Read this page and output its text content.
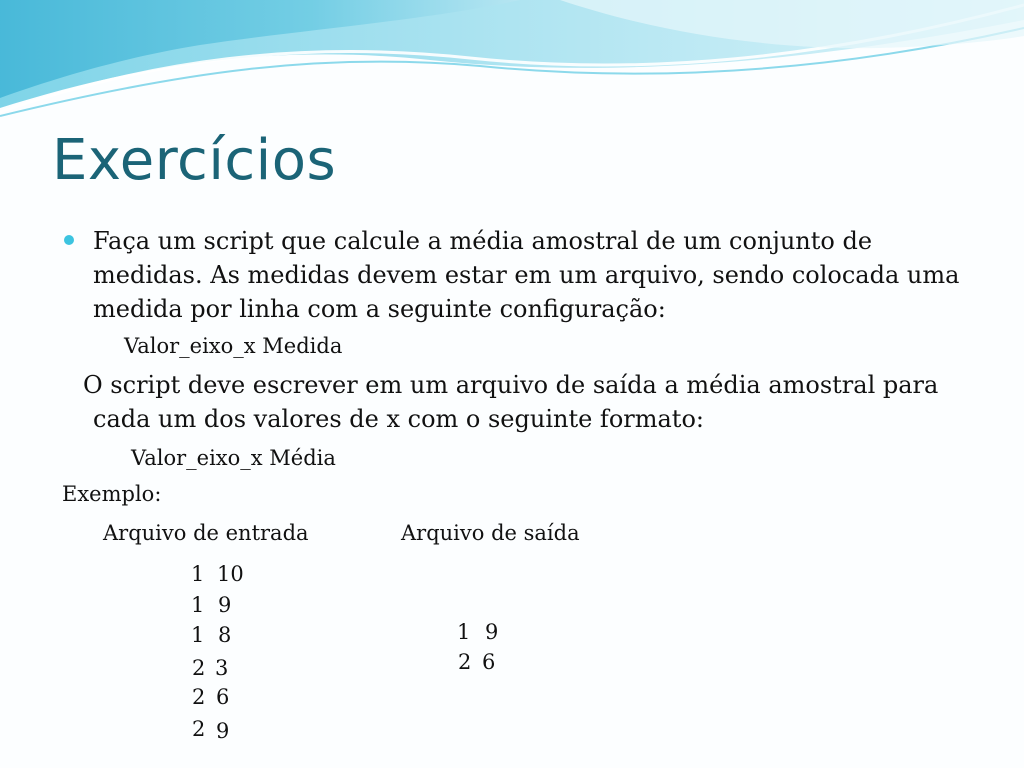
Exercícios

Faça um script que calcule a média amostral de um conjunto de
medidas. As medidas devem estar em um arquivo, sendo colocada uma
medida por linha com a seguinte configuração:

Valor_eixo_x Medida

O script deve escrever em um arquivo de saída a média amostral para
cada um dos valores de x com o seguinte formato:

Valor_eixo_x Média

Exemplo:

Arquivo de entrada	Arquivo de saída

1 10
1 9
1 8
2 3
2 6
2 9
1 9
2 6
